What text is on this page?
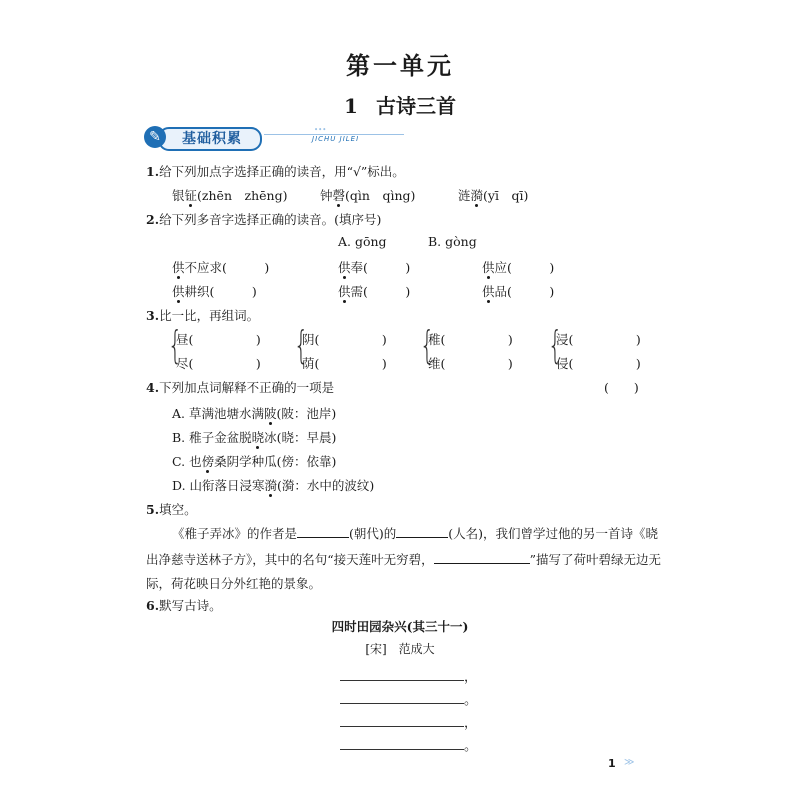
第一单元
1 古诗三首
基础积累
✎	•••
JICHU JILEI
1.给下列加点字选择正确的读音，用“√”标出。
银钲(zhēn　zhēng)	钟磬(qìn　qìng)	涟漪(yī　qī)
2.给下列多音字选择正确的读音。(填序号)
A. gōng	B. gòng
供不应求(　　　)	供奉(　　　)	供应(　　　)
供耕织(　　　)	供需(　　　)	供品(　　　)
3.比一比，再组词。
{
昼(　　　　　)
尽(　　　　　) {
阴(　　　　　)
荫(　　　　　) {
稚(　　　　　)
维(　　　　　) {
浸(　　　　　)
侵(　　　　　)
4.下列加点词解释不正确的一项是	(　　)
A. 草满池塘水满陂(陂：池岸)
B. 稚子金盆脱晓冰(晓：早晨)
C. 也傍桑阴学种瓜(傍：依靠)
D. 山衔落日浸寒漪(漪：水中的波纹)
5.填空。
《稚子弄冰》的作者是	(朝代)的	(人名)，我们曾学过他的另一首诗《晓
出净慈寺送林子方》，其中的名句“接天莲叶无穷碧，	”描写了荷叶碧绿无边无
际，荷花映日分外红艳的景象。
6.默写古诗。
四时田园杂兴(其三十一)
[宋]　范成大
，
。
，
。
1 ≫
